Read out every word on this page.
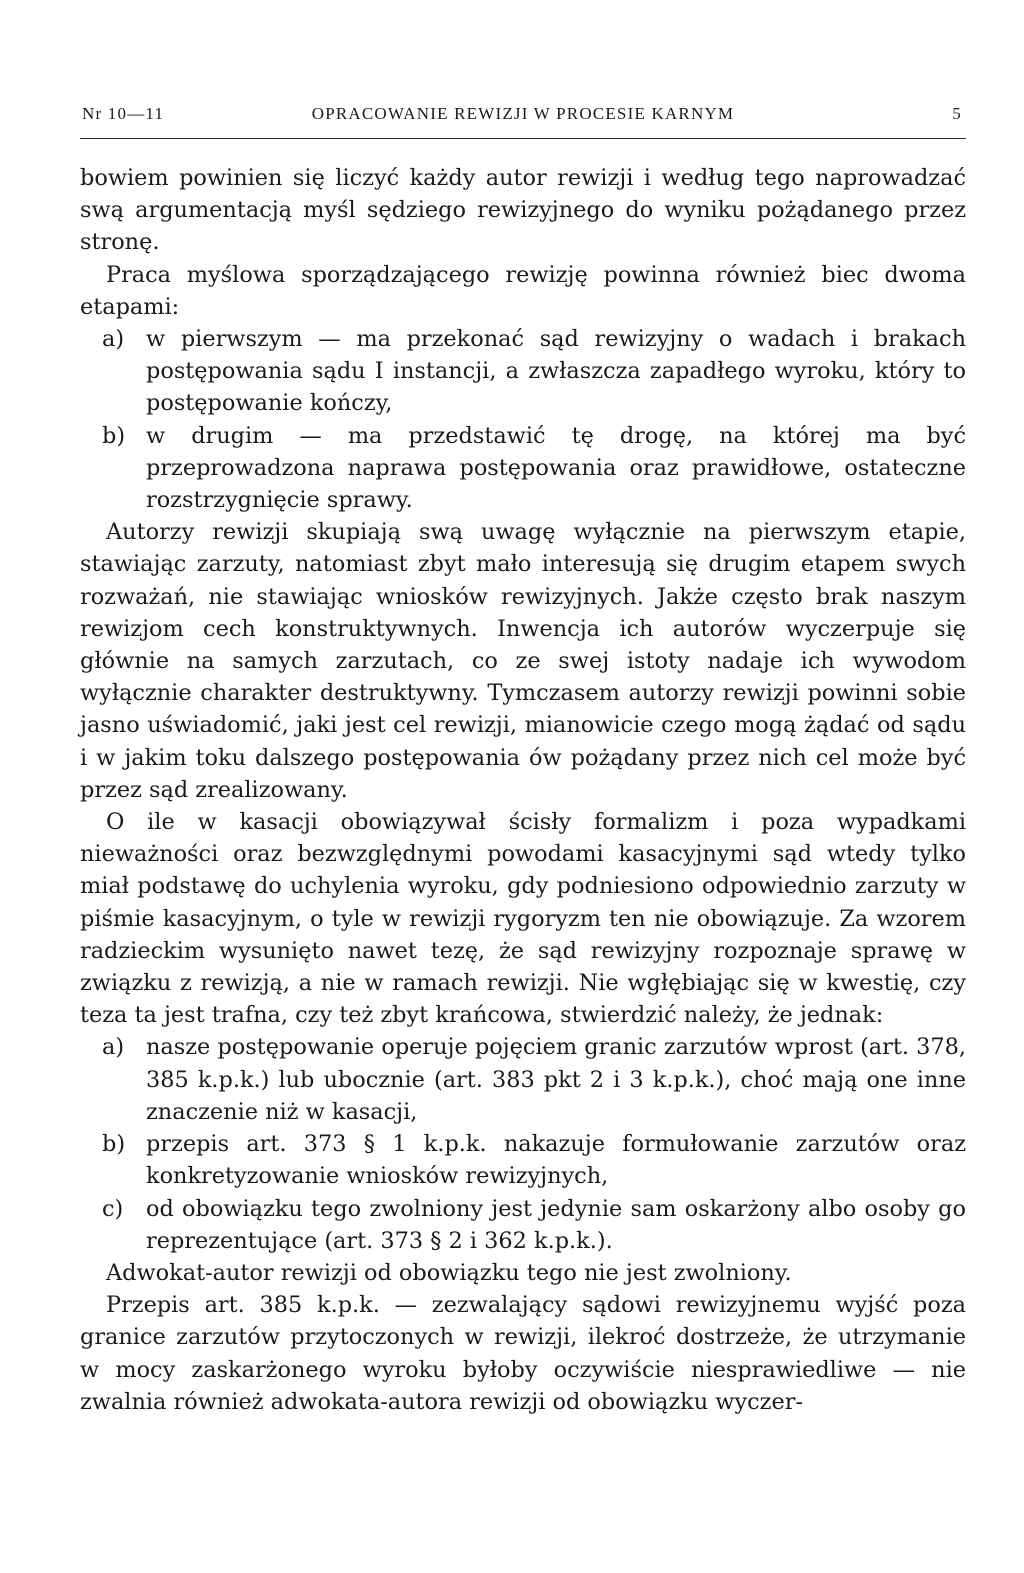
Nr 10—11	OPRACOWANIE REWIZJI W PROCESIE KARNYM	5

bowiem powinien się liczyć każdy autor rewizji i według tego naprowadzać swą argumentacją myśl sędziego rewizyjnego do wyniku pożądanego przez stronę.

Praca myślowa sporządzającego rewizję powinna również biec dwoma etapami:

a) w pierwszym — ma przekonać sąd rewizyjny o wadach i brakach postępowania sądu I instancji, a zwłaszcza zapadłego wyroku, który to postępowanie kończy,
b) w drugim — ma przedstawić tę drogę, na której ma być przeprowadzona naprawa postępowania oraz prawidłowe, ostateczne rozstrzygnięcie sprawy.

Autorzy rewizji skupiają swą uwagę wyłącznie na pierwszym etapie, stawiając zarzuty, natomiast zbyt mało interesują się drugim etapem swych rozważań, nie stawiając wniosków rewizyjnych. Jakże często brak naszym rewizjom cech konstruktywnych. Inwencja ich autorów wyczerpuje się głównie na samych zarzutach, co ze swej istoty nadaje ich wywodom wyłącznie charakter destruktywny. Tymczasem autorzy rewizji powinni sobie jasno uświadomić, jaki jest cel rewizji, mianowicie czego mogą żądać od sądu i w jakim toku dalszego postępowania ów pożądany przez nich cel może być przez sąd zrealizowany.

O ile w kasacji obowiązywał ścisły formalizm i poza wypadkami nieważności oraz bezwzględnymi powodami kasacyjnymi sąd wtedy tylko miał podstawę do uchylenia wyroku, gdy podniesiono odpowiednio zarzuty w piśmie kasacyjnym, o tyle w rewizji rygoryzm ten nie obowiązuje. Za wzorem radzieckim wysunięto nawet tezę, że sąd rewizyjny rozpoznaje sprawę w związku z rewizją, a nie w ramach rewizji. Nie wgłębiając się w kwestię, czy teza ta jest trafna, czy też zbyt krańcowa, stwierdzić należy, że jednak:

a) nasze postępowanie operuje pojęciem granic zarzutów wprost (art. 378, 385 k.p.k.) lub ubocznie (art. 383 pkt 2 i 3 k.p.k.), choć mają one inne znaczenie niż w kasacji,
b) przepis art. 373 § 1 k.p.k. nakazuje formułowanie zarzutów oraz konkretyzowanie wniosków rewizyjnych,
c)	od obowiązku tego zwolniony jest jedynie sam oskarżony albo osoby go reprezentujące (art. 373 § 2 i 362 k.p.k.).

Adwokat-autor rewizji od obowiązku tego nie jest zwolniony.

Przepis art. 385 k.p.k. — zezwalający sądowi rewizyjnemu wyjść poza granice zarzutów przytoczonych w rewizji, ilekroć dostrzeże, że utrzymanie w mocy zaskarżonego wyroku byłoby oczywiście niesprawiedliwe — nie zwalnia również adwokata-autora rewizji od obowiązku wyczer-
